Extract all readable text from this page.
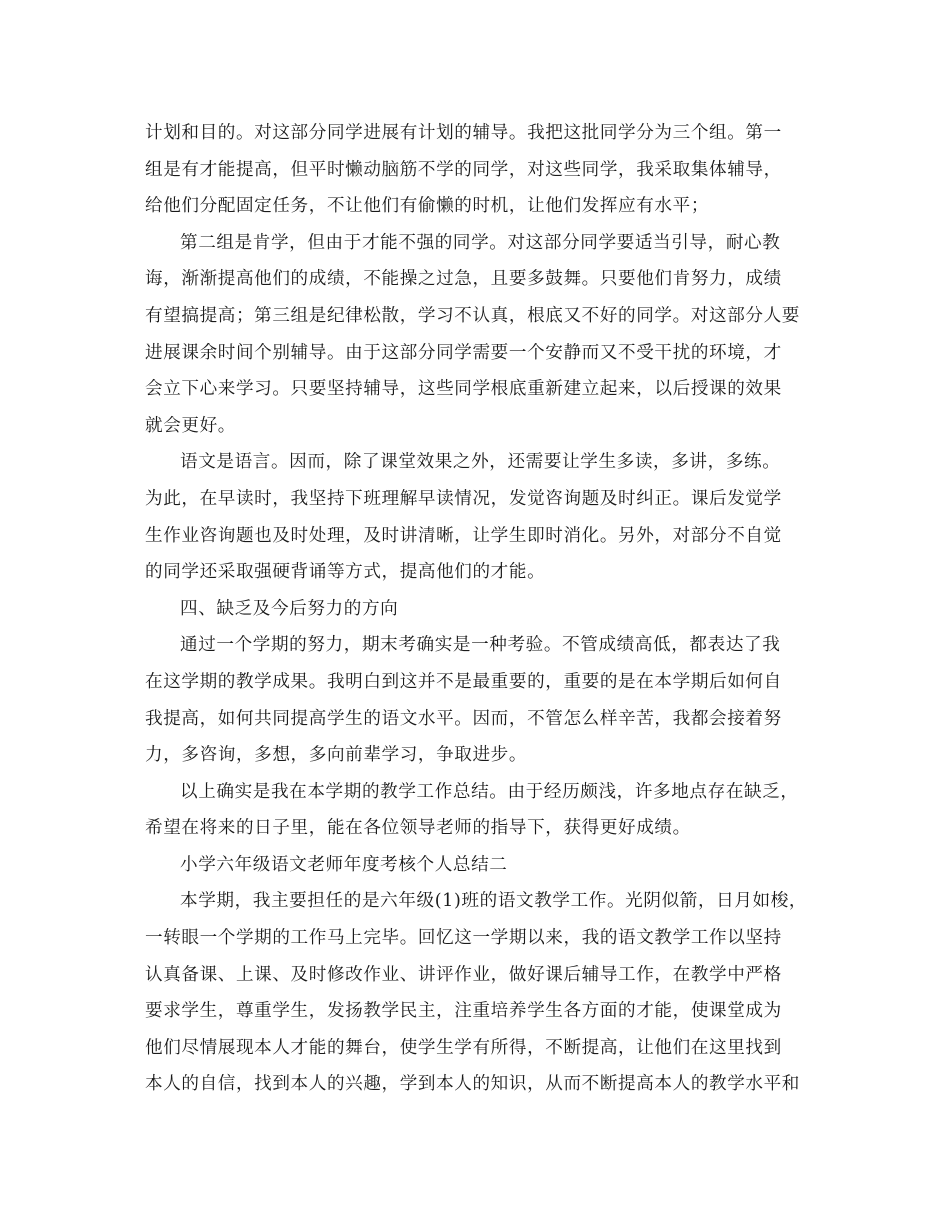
计划和目的。对这部分同学进展有计划的辅导。我把这批同学分为三个组。第一
组是有才能提高，但平时懒动脑筋不学的同学，对这些同学，我采取集体辅导，
给他们分配固定任务，不让他们有偷懒的时机，让他们发挥应有水平；
第二组是肯学，但由于才能不强的同学。对这部分同学要适当引导，耐心教
诲，渐渐提高他们的成绩，不能操之过急，且要多鼓舞。只要他们肯努力，成绩
有望搞提高；第三组是纪律松散，学习不认真，根底又不好的同学。对这部分人要
进展课余时间个别辅导。由于这部分同学需要一个安静而又不受干扰的环境，才
会立下心来学习。只要坚持辅导，这些同学根底重新建立起来，以后授课的效果
就会更好。
语文是语言。因而，除了课堂效果之外，还需要让学生多读，多讲，多练。
为此，在早读时，我坚持下班理解早读情况，发觉咨询题及时纠正。课后发觉学
生作业咨询题也及时处理，及时讲清晰，让学生即时消化。另外，对部分不自觉
的同学还采取强硬背诵等方式，提高他们的才能。
四、缺乏及今后努力的方向
通过一个学期的努力，期末考确实是一种考验。不管成绩高低，都表达了我
在这学期的教学成果。我明白到这并不是最重要的，重要的是在本学期后如何自
我提高，如何共同提高学生的语文水平。因而，不管怎么样辛苦，我都会接着努
力，多咨询，多想，多向前辈学习，争取进步。
以上确实是我在本学期的教学工作总结。由于经历颇浅，许多地点存在缺乏，
希望在将来的日子里，能在各位领导老师的指导下，获得更好成绩。
小学六年级语文老师年度考核个人总结二
本学期，我主要担任的是六年级(1)班的语文教学工作。光阴似箭，日月如梭，
一转眼一个学期的工作马上完毕。回忆这一学期以来，我的语文教学工作以坚持
认真备课、上课、及时修改作业、讲评作业，做好课后辅导工作，在教学中严格
要求学生，尊重学生，发扬教学民主，注重培养学生各方面的才能，使课堂成为
他们尽情展现本人才能的舞台，使学生学有所得，不断提高，让他们在这里找到
本人的自信，找到本人的兴趣，学到本人的知识，从而不断提高本人的教学水平和
